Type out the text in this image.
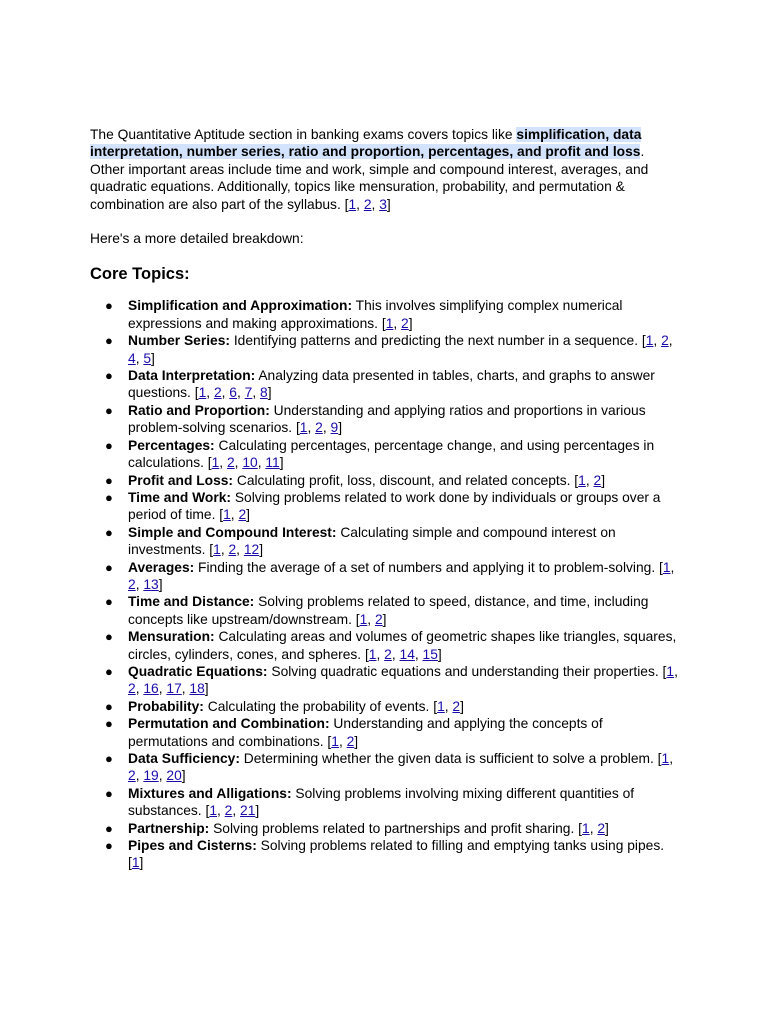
The Quantitative Aptitude section in banking exams covers topics like simplification, data interpretation, number series, ratio and proportion, percentages, and profit and loss. Other important areas include time and work, simple and compound interest, averages, and quadratic equations. Additionally, topics like mensuration, probability, and permutation & combination are also part of the syllabus. [1, 2, 3]

Here's a more detailed breakdown:

Core Topics:
● Simplification and Approximation: This involves simplifying complex numerical expressions and making approximations. [1, 2]
● Number Series: Identifying patterns and predicting the next number in a sequence. [1, 2, 4, 5]
● Data Interpretation: Analyzing data presented in tables, charts, and graphs to answer questions. [1, 2, 6, 7, 8]
● Ratio and Proportion: Understanding and applying ratios and proportions in various problem-solving scenarios. [1, 2, 9]
● Percentages: Calculating percentages, percentage change, and using percentages in calculations. [1, 2, 10, 11]
● Profit and Loss: Calculating profit, loss, discount, and related concepts. [1, 2]
● Time and Work: Solving problems related to work done by individuals or groups over a period of time. [1, 2]
● Simple and Compound Interest: Calculating simple and compound interest on investments. [1, 2, 12]
● Averages: Finding the average of a set of numbers and applying it to problem-solving. [1, 2, 13]
● Time and Distance: Solving problems related to speed, distance, and time, including concepts like upstream/downstream. [1, 2]
● Mensuration: Calculating areas and volumes of geometric shapes like triangles, squares, circles, cylinders, cones, and spheres. [1, 2, 14, 15]
● Quadratic Equations: Solving quadratic equations and understanding their properties. [1, 2, 16, 17, 18]
● Probability: Calculating the probability of events. [1, 2]
● Permutation and Combination: Understanding and applying the concepts of permutations and combinations. [1, 2]
● Data Sufficiency: Determining whether the given data is sufficient to solve a problem. [1, 2, 19, 20]
● Mixtures and Alligations: Solving problems involving mixing different quantities of substances. [1, 2, 21]
● Partnership: Solving problems related to partnerships and profit sharing. [1, 2]
● Pipes and Cisterns: Solving problems related to filling and emptying tanks using pipes. [1]
